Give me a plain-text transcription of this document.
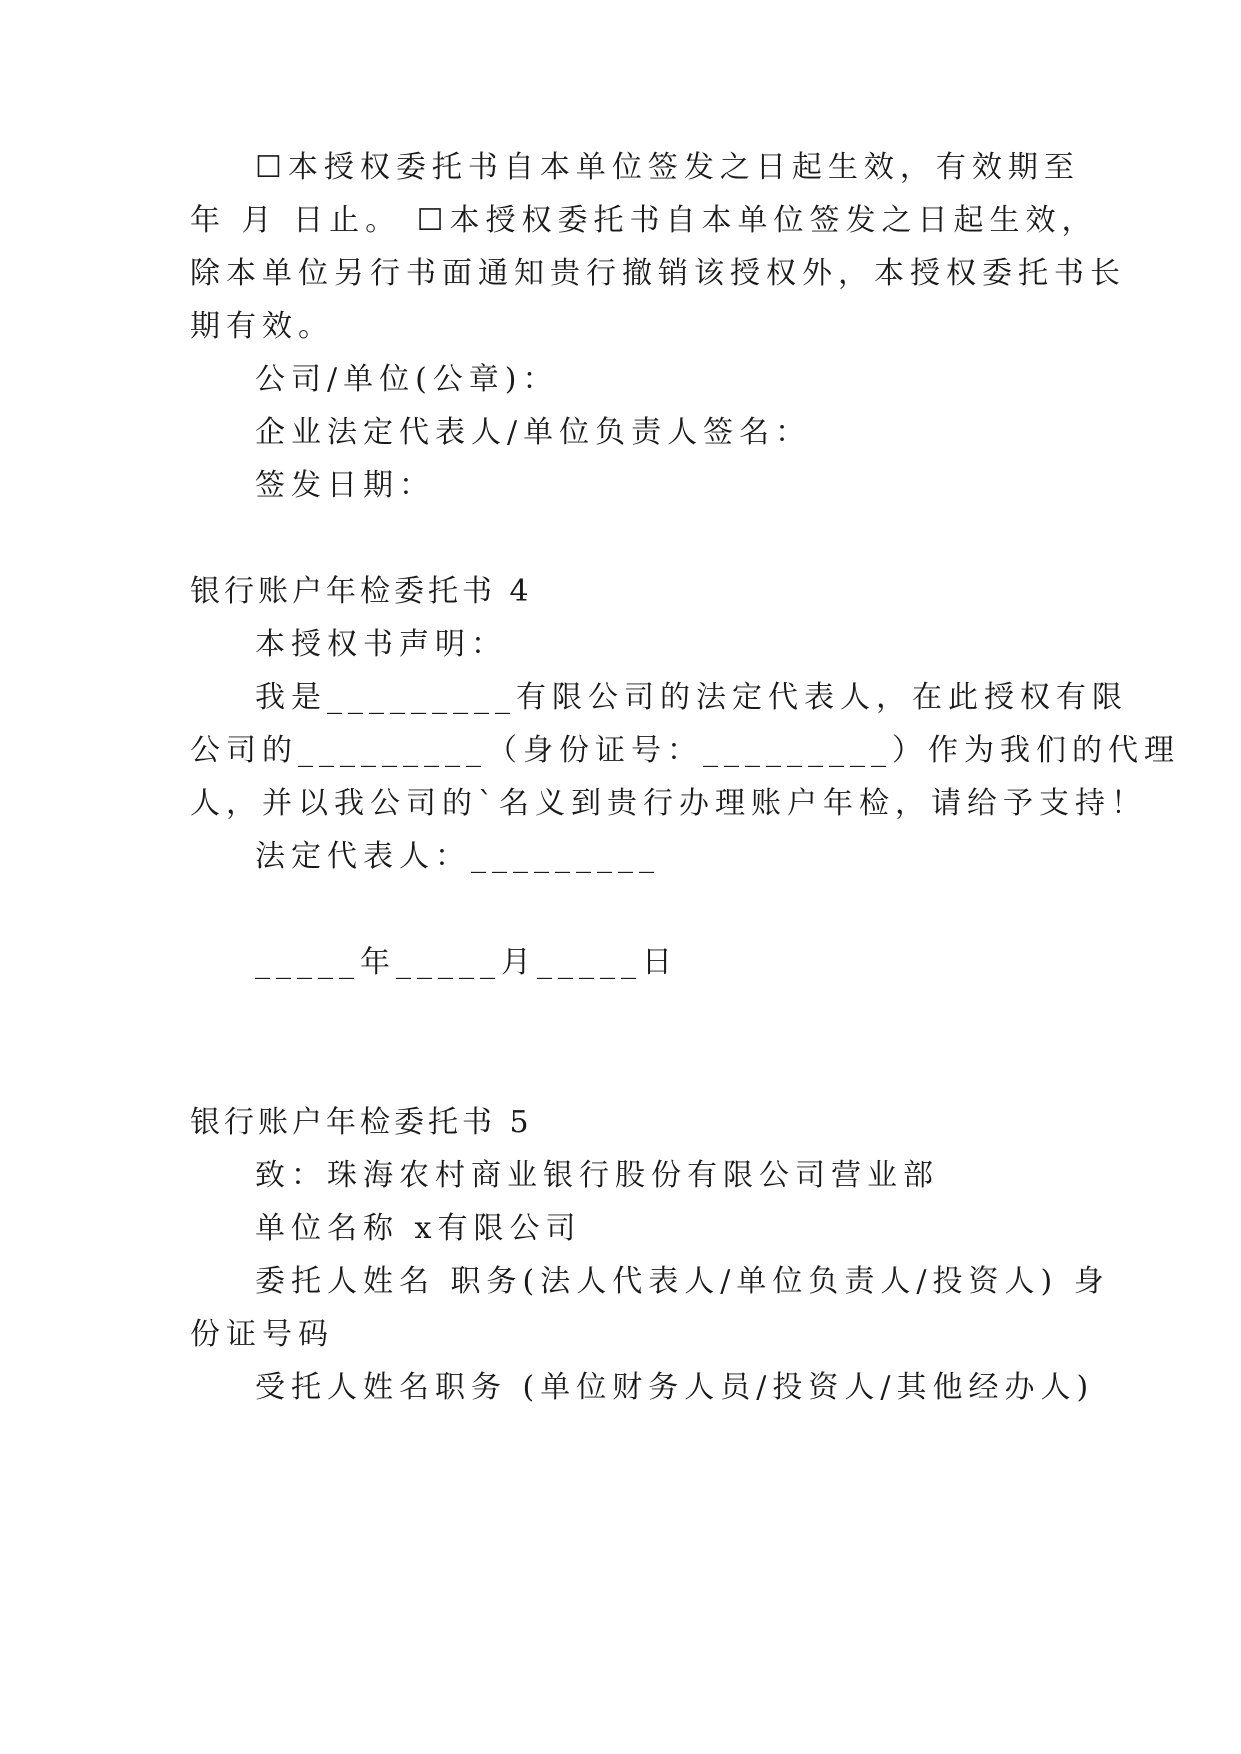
☐本授权委托书自本单位签发之日起生效，有效期至
年 月 日止。 ☐本授权委托书自本单位签发之日起生效，
除本单位另行书面通知贵行撤销该授权外，本授权委托书长
期有效。
公司/单位(公章)：
企业法定代表人/单位负责人签名：
签发日期：
银行账户年检委托书 4
本授权书声明：
我是_________有限公司的法定代表人，在此授权有限
公司的_________（身份证号：_________）作为我们的代理
人，并以我公司的`名义到贵行办理账户年检，请给予支持！
法定代表人：_________
_____年_____月_____日
银行账户年检委托书 5
致：珠海农村商业银行股份有限公司营业部
单位名称 x有限公司
委托人姓名 职务(法人代表人/单位负责人/投资人) 身
份证号码
受托人姓名职务 (单位财务人员/投资人/其他经办人)
